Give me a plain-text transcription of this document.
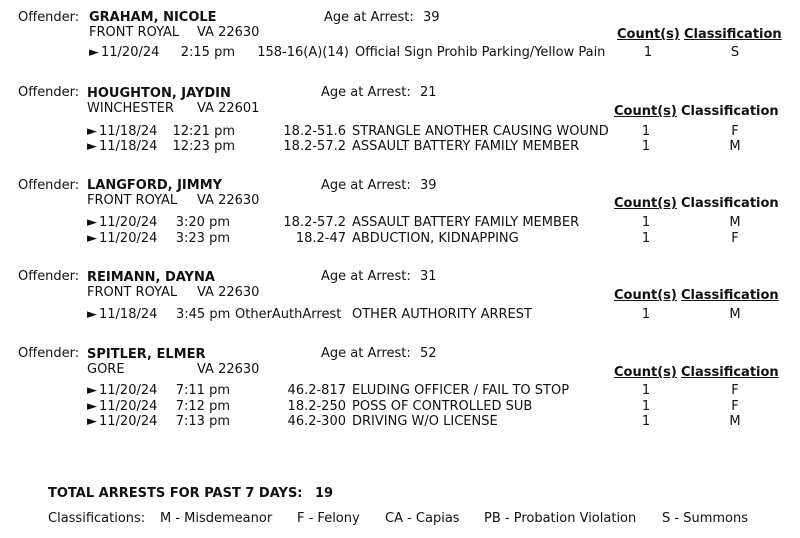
Offender: GRAHAM, NICOLE	Age at Arrest: 39
FRONT ROYAL VA 22630	Count(s) Classification
► 11/20/24	2:15 pm	158-16(A)(14) Official Sign Prohib Parking/Yellow Pain	1	S
Offender: HOUGHTON, JAYDIN	Age at Arrest: 21
WINCHESTER VA 22601	Count(s) Classification
► 11/18/24	12:21 pm	18.2-51.6 STRANGLE ANOTHER CAUSING WOUND	1	F
► 11/18/24	12:23 pm	18.2-57.2 ASSAULT BATTERY FAMILY MEMBER	1	M
Offender: LANGFORD, JIMMY	Age at Arrest: 39
FRONT ROYAL VA 22630	Count(s) Classification
► 11/20/24	3:20 pm	18.2-57.2 ASSAULT BATTERY FAMILY MEMBER	1	M
► 11/20/24	3:23 pm	18.2-47 ABDUCTION, KIDNAPPING	1	F
Offender: REIMANN, DAYNA	Age at Arrest: 31
FRONT ROYAL VA 22630	Count(s) Classification
► 11/18/24 3:45 pm OtherAuthArrest OTHER AUTHORITY ARREST	1	M
Offender: SPITLER, ELMER	Age at Arrest: 52
GORE	VA 22630	Count(s) Classification
► 11/20/24	7:11 pm	46.2-817 ELUDING OFFICER / FAIL TO STOP	1	F
► 11/20/24	7:12 pm	18.2-250 POSS OF CONTROLLED SUB	1	F
► 11/20/24	7:13 pm	46.2-300 DRIVING W/O LICENSE	1	M
TOTAL ARRESTS FOR PAST 7 DAYS: 19
Classifications: M - Misdemeanor F - Felony CA - Capias PB - Probation Violation S - Summons
